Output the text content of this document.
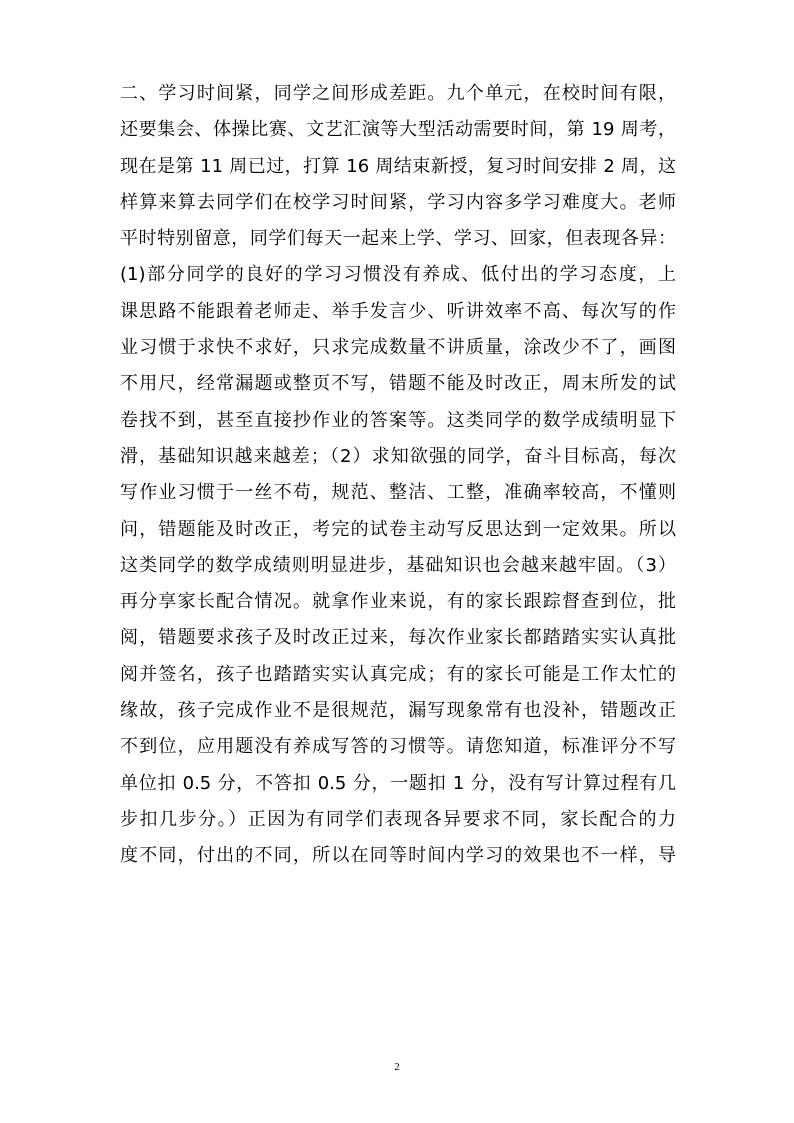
二、学习时间紧，同学之间形成差距。九个单元，在校时间有限，
还要集会、体操比赛、文艺汇演等大型活动需要时间，第 19 周考，
现在是第 11 周已过，打算 16 周结束新授，复习时间安排 2 周，这
样算来算去同学们在校学习时间紧，学习内容多学习难度大。老师
平时特别留意，同学们每天一起来上学、学习、回家，但表现各异：
(1)部分同学的良好的学习习惯没有养成、低付出的学习态度，上
课思路不能跟着老师走、举手发言少、听讲效率不高、每次写的作
业习惯于求快不求好，只求完成数量不讲质量，涂改少不了，画图
不用尺，经常漏题或整页不写，错题不能及时改正，周末所发的试
卷找不到，甚至直接抄作业的答案等。这类同学的数学成绩明显下
滑，基础知识越来越差；（2）求知欲强的同学，奋斗目标高，每次
写作业习惯于一丝不苟，规范、整洁、工整，准确率较高，不懂则
问，错题能及时改正，考完的试卷主动写反思达到一定效果。所以
这类同学的数学成绩则明显进步，基础知识也会越来越牢固。（3）
再分享家长配合情况。就拿作业来说，有的家长跟踪督查到位，批
阅，错题要求孩子及时改正过来，每次作业家长都踏踏实实认真批
阅并签名，孩子也踏踏实实认真完成；有的家长可能是工作太忙的
缘故，孩子完成作业不是很规范，漏写现象常有也没补，错题改正
不到位，应用题没有养成写答的习惯等。请您知道，标准评分不写
单位扣 0.5 分，不答扣 0.5 分，一题扣 1 分，没有写计算过程有几
步扣几步分。）正因为有同学们表现各异要求不同，家长配合的力
度不同，付出的不同，所以在同等时间内学习的效果也不一样，导
2
